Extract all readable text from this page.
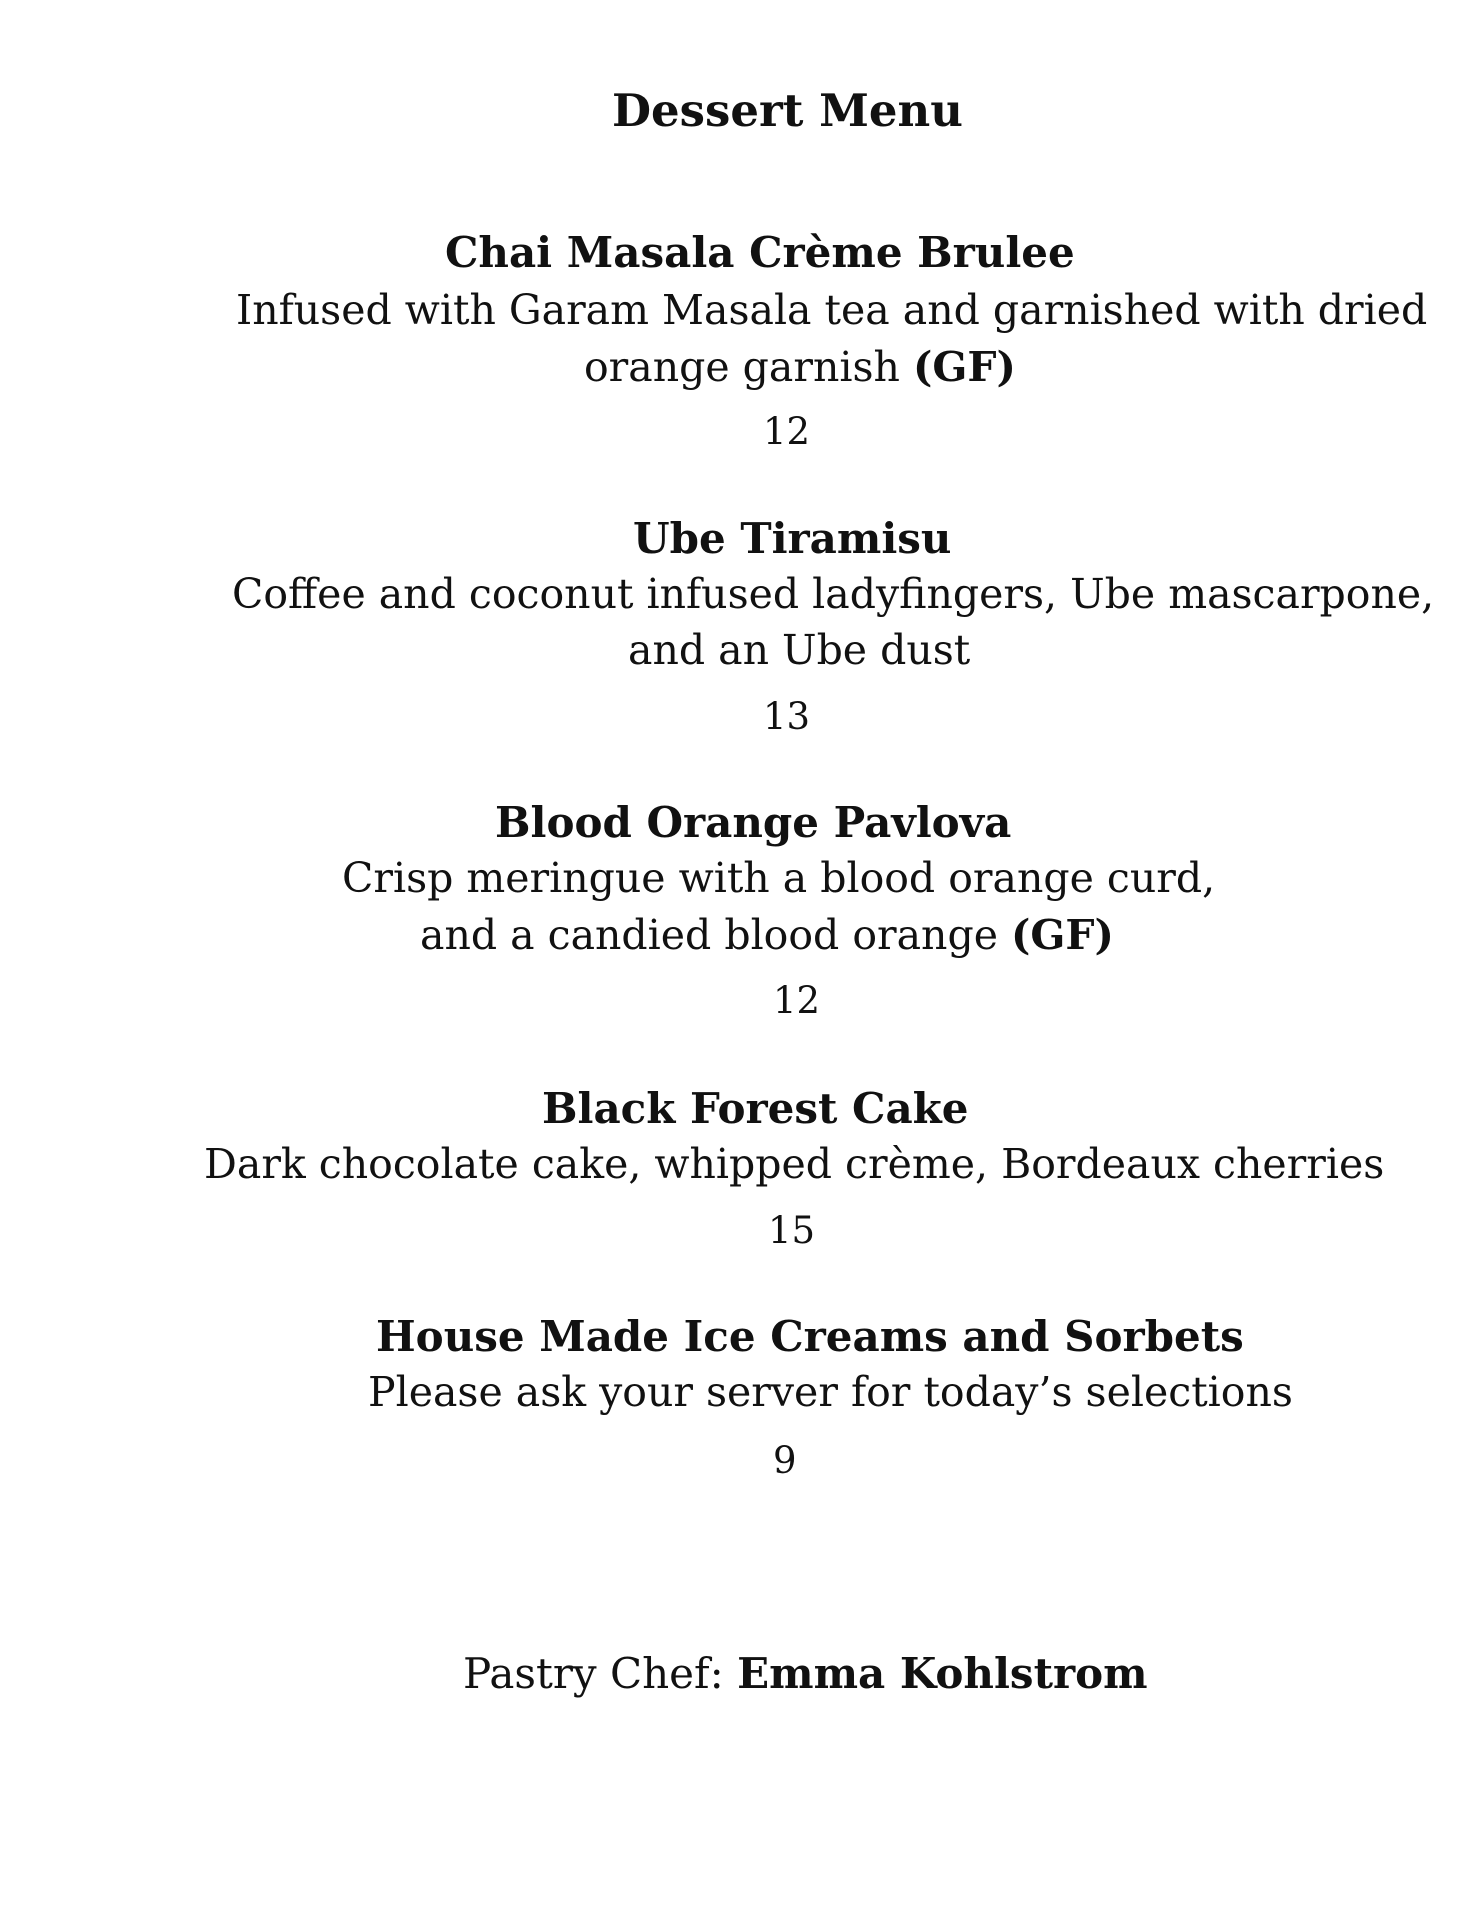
Dessert Menu
Chai Masala Crème Brulee
Infused with Garam Masala tea and garnished with dried
orange garnish (GF)
12
Ube Tiramisu
Coffee and coconut infused ladyfingers, Ube mascarpone,
and an Ube dust
13
Blood Orange Pavlova
Crisp meringue with a blood orange curd,
and a candied blood orange (GF)
12
Black Forest Cake
Dark chocolate cake, whipped crème, Bordeaux cherries
15
House Made Ice Creams and Sorbets
Please ask your server for today’s selections
9
Pastry Chef: Emma Kohlstrom
